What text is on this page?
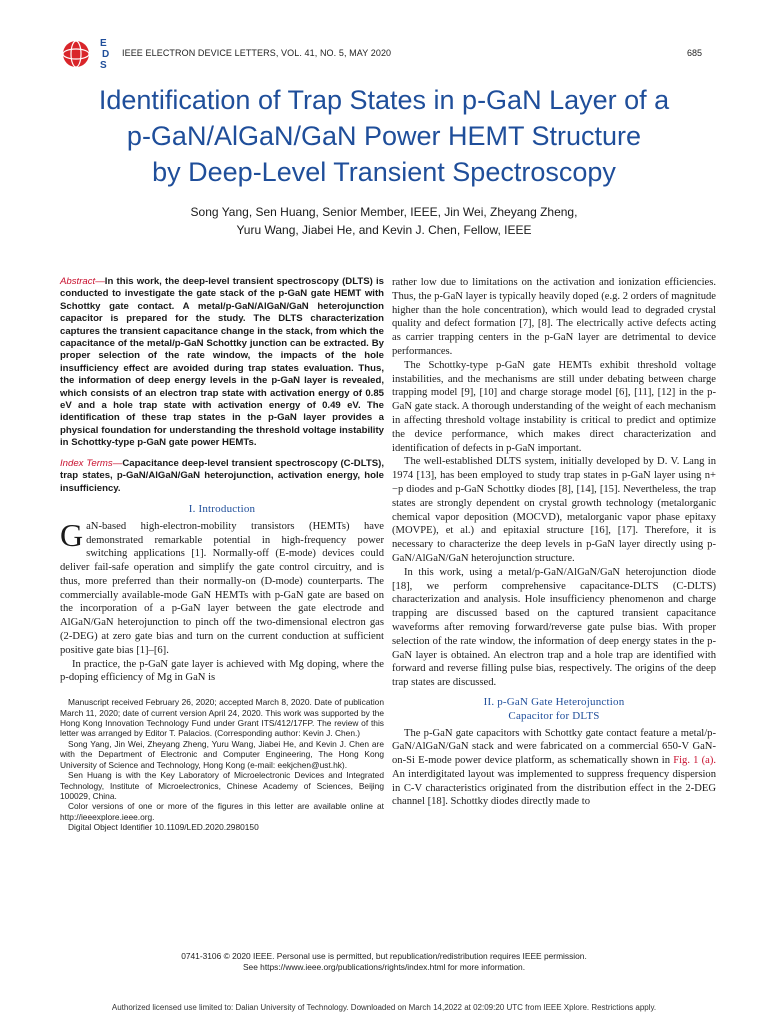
E
D
S
IEEE ELECTRON DEVICE LETTERS, VOL. 41, NO. 5, MAY 2020	685
Identification of Trap States in p-GaN Layer of a
p-GaN/AlGaN/GaN Power HEMT Structure
by Deep-Level Transient Spectroscopy
Song Yang, Sen Huang, Senior Member, IEEE, Jin Wei, Zheyang Zheng,
Yuru Wang, Jiabei He, and Kevin J. Chen, Fellow, IEEE
Abstract—In this work, the deep-level transient spectroscopy (DLTS) is conducted to investigate the gate stack of the p-GaN gate HEMT with Schottky gate contact. A metal/p-GaN/AlGaN/GaN heterojunction capacitor is prepared for the study. The DLTS characterization captures the transient capacitance change in the stack, from which the capacitance of the metal/p-GaN Schottky junction can be extracted. By proper selection of the rate window, the impacts of the hole insufficiency effect are avoided during trap states evaluation. Thus, the information of deep energy levels in the p-GaN layer is revealed, which consists of an electron trap state with activation energy of 0.85 eV and a hole trap state with activation energy of 0.49 eV. The identification of these trap states in the p-GaN layer provides a physical foundation for understanding the threshold voltage instability in Schottky-type p-GaN gate power HEMTs.
Index Terms—Capacitance deep-level transient spectroscopy (C-DLTS), trap states, p-GaN/AlGaN/GaN heterojunction, activation energy, hole insufficiency.
I. Introduction

GaN-based high-electron-mobility transistors (HEMTs) have demonstrated remarkable potential in high-frequency power switching applications [1]. Normally-off (E-mode) devices could deliver fail-safe operation and simplify the gate control circuitry, and is thus, more preferred than their normally-on (D-mode) counterparts. The commercially available-mode GaN HEMTs with p-GaN gate are based on the incorporation of a p-GaN layer between the gate electrode and AlGaN/GaN heterojunction to pinch off the two-dimensional electron gas (2-DEG) at zero gate bias and turn on the current conduction at sufficient positive gate bias [1]–[6].

In practice, the p-GaN gate layer is achieved with Mg doping, where the p-doping efficiency of Mg in GaN is

Manuscript received February 26, 2020; accepted March 8, 2020. Date of publication March 11, 2020; date of current version April 24, 2020. This work was supported by the Hong Kong Innovation Technology Fund under Grant ITS/412/17FP. The review of this letter was arranged by Editor T. Palacios. (Corresponding author: Kevin J. Chen.)

Song Yang, Jin Wei, Zheyang Zheng, Yuru Wang, Jiabei He, and Kevin J. Chen are with the Department of Electronic and Computer Engineering, The Hong Kong University of Science and Technology, Hong Kong (e-mail: eekjchen@ust.hk).

Sen Huang is with the Key Laboratory of Microelectronic Devices and Integrated Technology, Institute of Microelectronics, Chinese Academy of Sciences, Beijing 100029, China.

Color versions of one or more of the figures in this letter are available online at http://ieeexplore.ieee.org.

Digital Object Identifier 10.1109/LED.2020.2980150

rather low due to limitations on the activation and ionization efficiencies. Thus, the p-GaN layer is typically heavily doped (e.g. 2 orders of magnitude higher than the hole concentration), which would lead to degraded crystal quality and defect formation [7], [8]. The electrically active defects acting as carrier trapping centers in the p-GaN layer are detrimental to device performances.

The Schottky-type p-GaN gate HEMTs exhibit threshold voltage instabilities, and the mechanisms are still under debating between charge trapping model [9], [10] and charge storage model [6], [11], [12] in the p-GaN gate stack. A thorough understanding of the weight of each mechanism in affecting threshold voltage instability is critical to predict and optimize the device performance, which makes direct characterization and identification of defects in p-GaN important.

The well-established DLTS system, initially developed by D. V. Lang in 1974 [13], has been employed to study trap states in p-GaN layer using n+ −p diodes and p-GaN Schottky diodes [8], [14], [15]. Nevertheless, the trap states are strongly dependent on crystal growth technology (metalorganic chemical vapor deposition (MOCVD), metalorganic vapor phase epitaxy (MOVPE), et al.) and epitaxial structure [16], [17]. Therefore, it is necessary to characterize the deep levels in p-GaN layer directly using p-GaN/AlGaN/GaN heterojunction structure.

In this work, using a metal/p-GaN/AlGaN/GaN heterojunction diode [18], we perform comprehensive capacitance-DLTS (C-DLTS) characterization and analysis. Hole insufficiency phenomenon and charge trapping are discussed based on the captured transient capacitance waveforms after removing forward/reverse gate pulse bias. With proper selection of the rate window, the information of deep energy states in the p-GaN layer is obtained. An electron trap and a hole trap are identified with forward and reverse filling pulse bias, respectively. The origins of the deep trap states are discussed.

II. p-GaN Gate Heterojunction
Capacitor for DLTS

The p-GaN gate capacitors with Schottky gate contact feature a metal/p-GaN/AlGaN/GaN stack and were fabricated on a commercial 650-V GaN-on-Si E-mode power device platform, as schematically shown in Fig. 1 (a). An interdigitated layout was implemented to suppress frequency dispersion in C-V characteristics originated from the distribution effect in the 2-DEG channel [18]. Schottky diodes directly made to

0741-3106 © 2020 IEEE. Personal use is permitted, but republication/redistribution requires IEEE permission.
See https://www.ieee.org/publications/rights/index.html for more information.
Authorized licensed use limited to: Dalian University of Technology. Downloaded on March 14,2022 at 02:09:20 UTC from IEEE Xplore. Restrictions apply.
